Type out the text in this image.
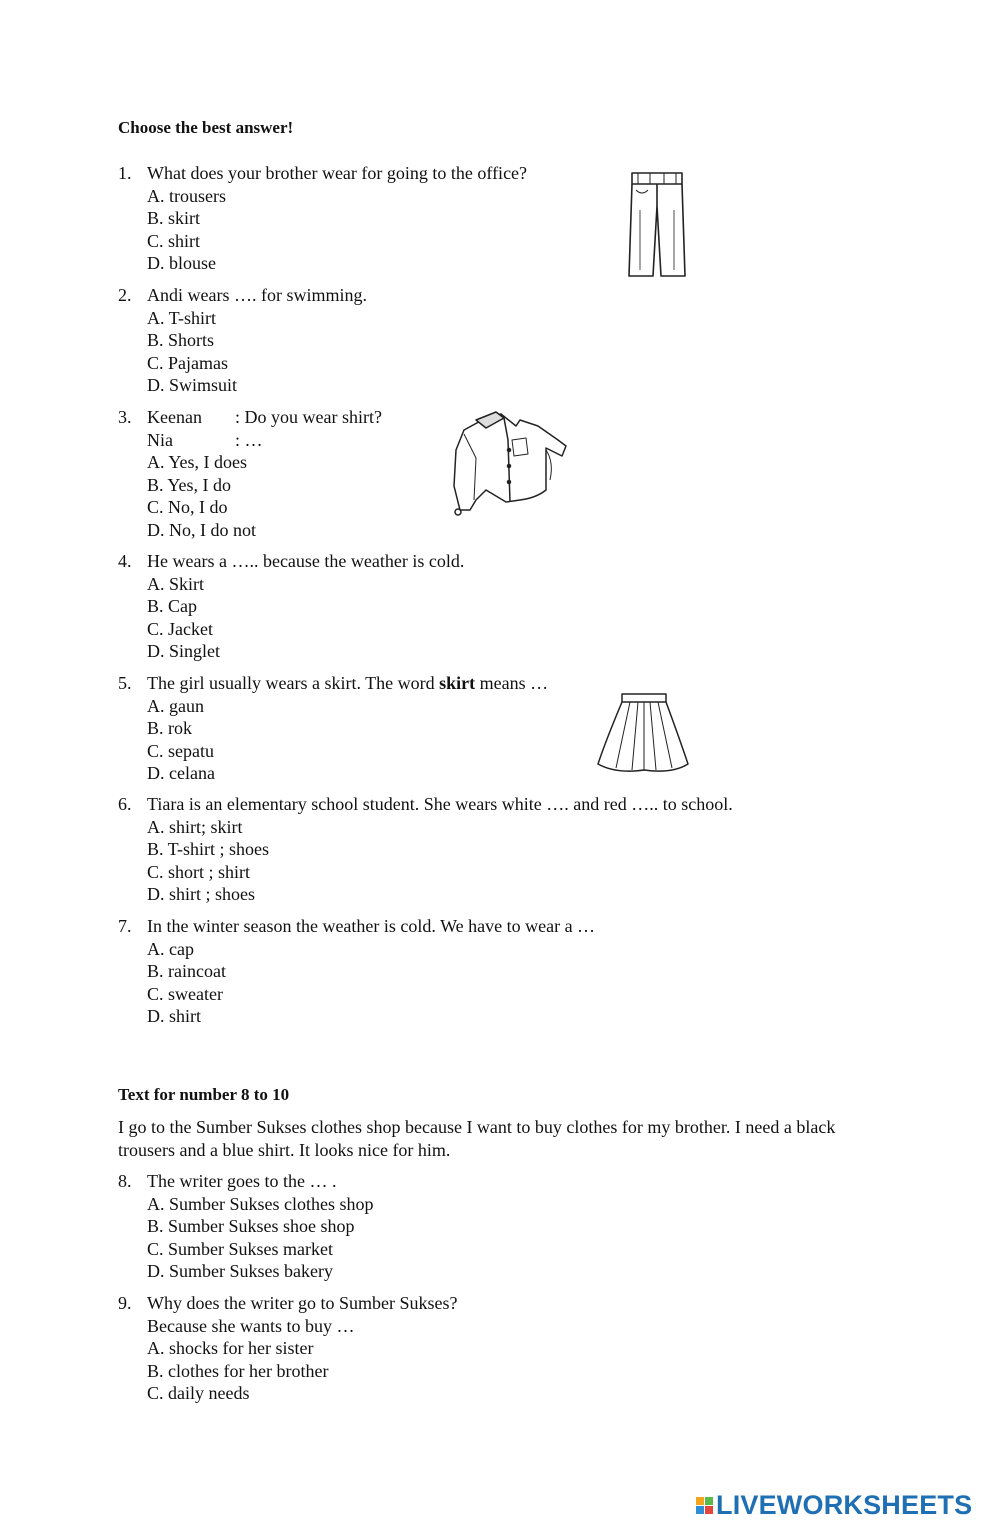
Choose the best answer!
1. What does your brother wear for going to the office?
A. trousers
B. skirt
C. shirt
D. blouse
2. Andi wears …. for swimming.
A. T-shirt
B. Shorts
C. Pajamas
D. Swimsuit
3. Keenan	: Do you wear shirt?
Nia	: …
A. Yes, I does
B. Yes, I do
C. No, I do
D. No, I do not
4. He wears a ….. because the weather is cold.
A. Skirt
B. Cap
C. Jacket
D. Singlet
5. The girl usually wears a skirt. The word skirt means …
A. gaun
B. rok
C. sepatu
D. celana
6. Tiara is an elementary school student. She wears white …. and red ….. to school.
A. shirt; skirt
B. T-shirt ; shoes
C. short ; shirt
D. shirt ; shoes
7. In the winter season the weather is cold. We have to wear a …
A. cap
B. raincoat
C. sweater
D. shirt
Text for number 8 to 10
I go to the Sumber Sukses clothes shop because I want to buy clothes for my brother. I need a black trousers and a blue shirt. It looks nice for him.
8. The writer goes to the … .
A. Sumber Sukses clothes shop
B. Sumber Sukses shoe shop
C. Sumber Sukses market
D. Sumber Sukses bakery
9. Why does the writer go to Sumber Sukses?
Because she wants to buy …
A. shocks for her sister
B. clothes for her brother
C. daily needs
LIVEWORKSHEETS
